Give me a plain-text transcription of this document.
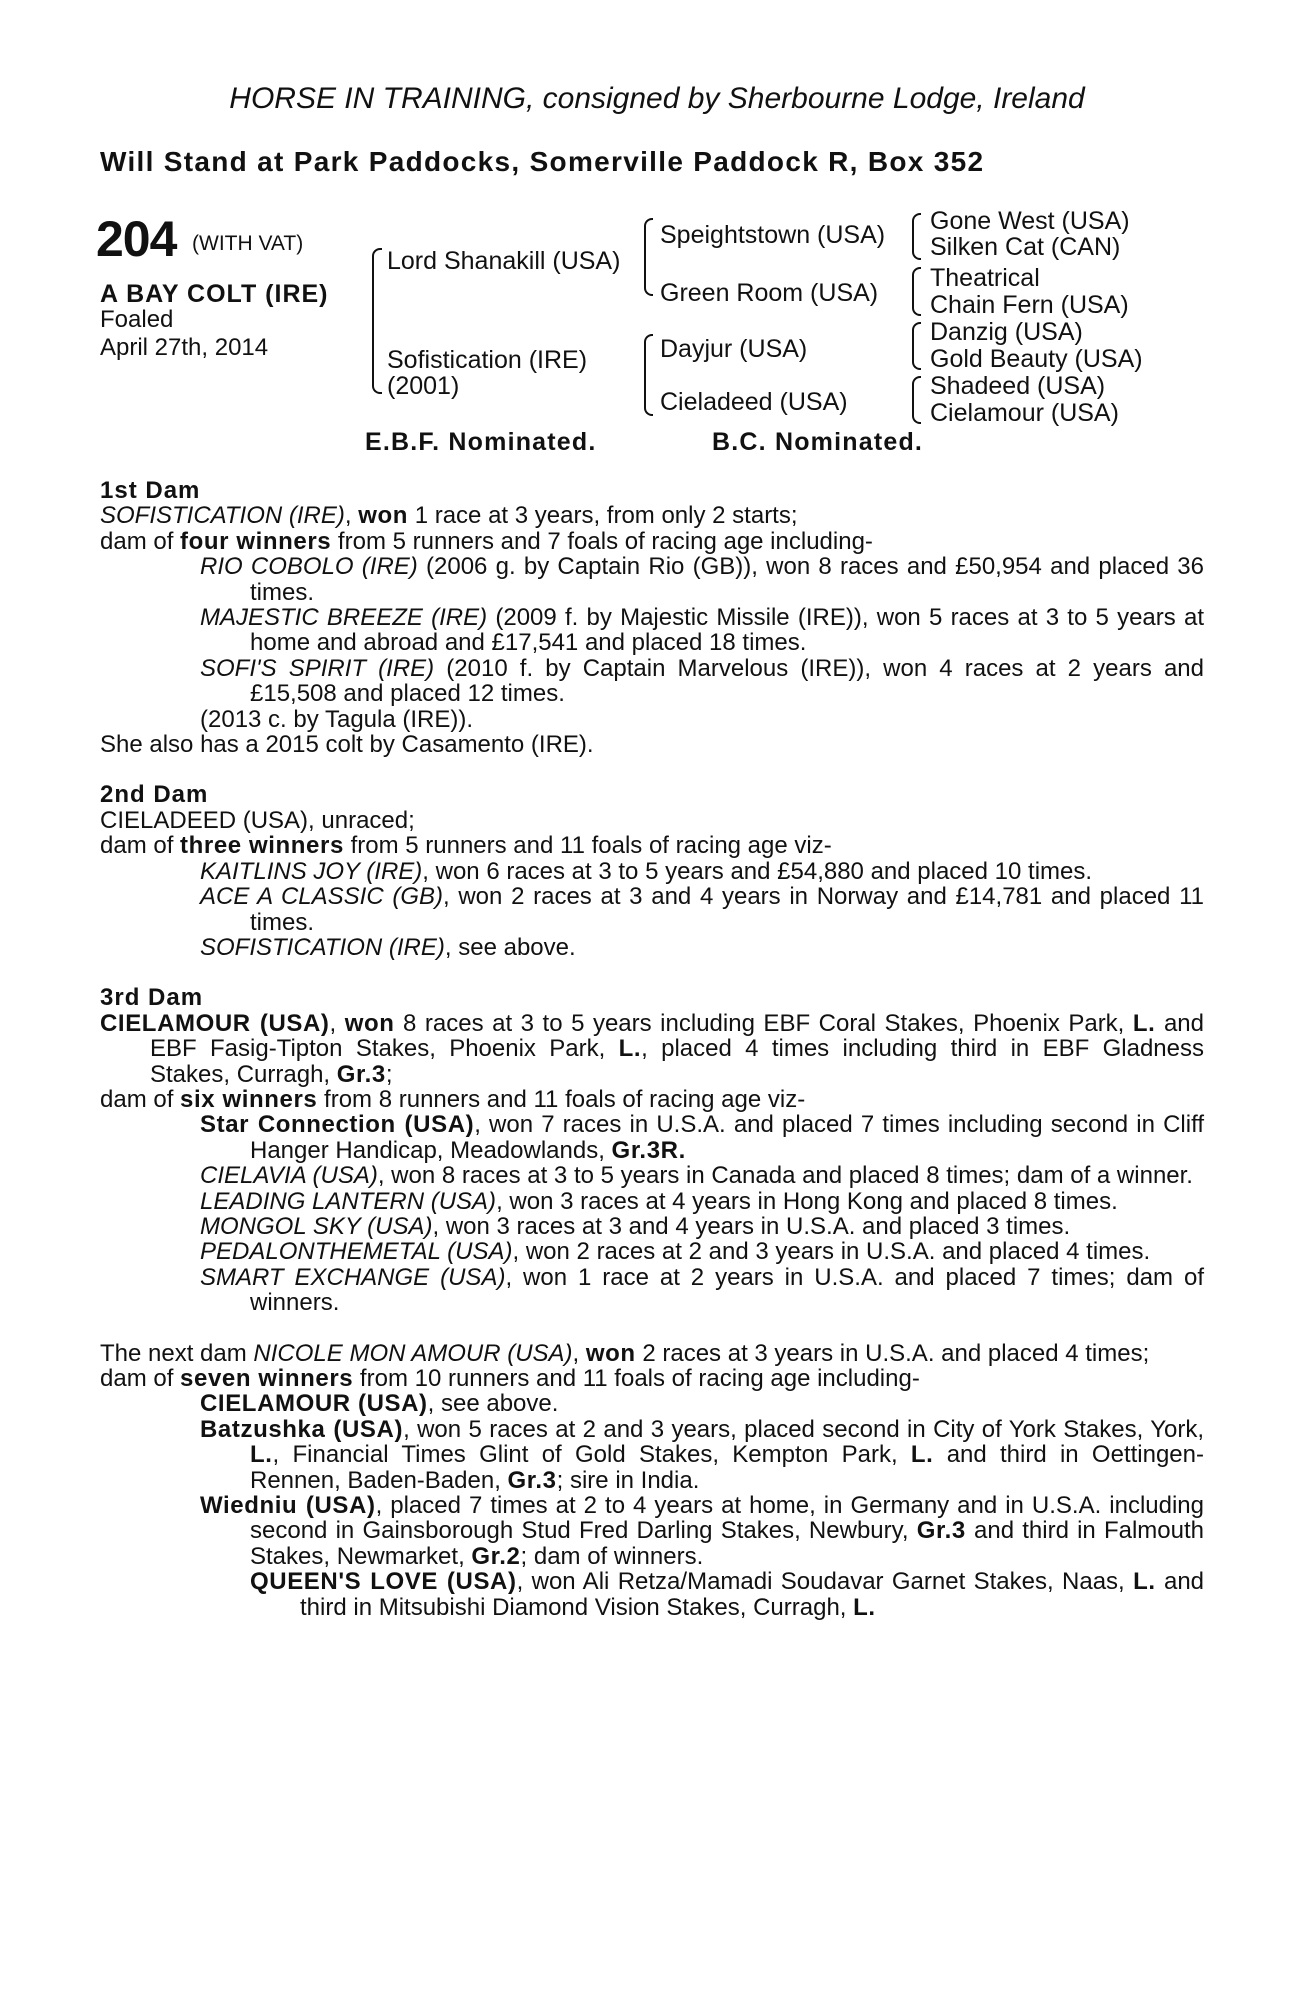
HORSE IN TRAINING, consigned by Sherbourne Lodge, Ireland
Will Stand at Park Paddocks, Somerville Paddock R, Box 352
204 (WITH VAT)
A BAY COLT (IRE)
Foaled
April 27th, 2014
Lord Shanakill (USA)
Sofistication (IRE)
(2001)
Speightstown (USA)
Green Room (USA)
Dayjur (USA)
Cieladeed (USA)
Gone West (USA)
Silken Cat (CAN)
Theatrical
Chain Fern (USA)
Danzig (USA)
Gold Beauty (USA)
Shadeed (USA)
Cielamour (USA)
E.B.F. Nominated.	B.C. Nominated.

1st Dam

SOFISTICATION (IRE), won 1 race at 3 years, from only 2 starts;

dam of four winners from 5 runners and 7 foals of racing age including-

RIO COBOLO (IRE) (2006 g. by Captain Rio (GB)), won 8 races and £50,954 and placed 36 times.

MAJESTIC BREEZE (IRE) (2009 f. by Majestic Missile (IRE)), won 5 races at 3 to 5 years at home and abroad and £17,541 and placed 18 times.

SOFI'S SPIRIT (IRE) (2010 f. by Captain Marvelous (IRE)), won 4 races at 2 years and £15,508 and placed 12 times.

(2013 c. by Tagula (IRE)).

She also has a 2015 colt by Casamento (IRE).

2nd Dam

CIELADEED (USA), unraced;

dam of three winners from 5 runners and 11 foals of racing age viz-

KAITLINS JOY (IRE), won 6 races at 3 to 5 years and £54,880 and placed 10 times.

ACE A CLASSIC (GB), won 2 races at 3 and 4 years in Norway and £14,781 and placed 11 times.

SOFISTICATION (IRE), see above.

3rd Dam

CIELAMOUR (USA), won 8 races at 3 to 5 years including EBF Coral Stakes, Phoenix Park, L. and EBF Fasig-Tipton Stakes, Phoenix Park, L., placed 4 times including third in EBF Gladness Stakes, Curragh, Gr.3;

dam of six winners from 8 runners and 11 foals of racing age viz-

Star Connection (USA), won 7 races in U.S.A. and placed 7 times including second in Cliff Hanger Handicap, Meadowlands, Gr.3R.

CIELAVIA (USA), won 8 races at 3 to 5 years in Canada and placed 8 times; dam of a winner.

LEADING LANTERN (USA), won 3 races at 4 years in Hong Kong and placed 8 times.

MONGOL SKY (USA), won 3 races at 3 and 4 years in U.S.A. and placed 3 times.

PEDALONTHEMETAL (USA), won 2 races at 2 and 3 years in U.S.A. and placed 4 times.

SMART EXCHANGE (USA), won 1 race at 2 years in U.S.A. and placed 7 times; dam of winners.

The next dam NICOLE MON AMOUR (USA), won 2 races at 3 years in U.S.A. and placed 4 times;

dam of seven winners from 10 runners and 11 foals of racing age including-

CIELAMOUR (USA), see above.

Batzushka (USA), won 5 races at 2 and 3 years, placed second in City of York Stakes, York, L., Financial Times Glint of Gold Stakes, Kempton Park, L. and third in Oettingen-Rennen, Baden-Baden, Gr.3; sire in India.

Wiedniu (USA), placed 7 times at 2 to 4 years at home, in Germany and in U.S.A. including second in Gainsborough Stud Fred Darling Stakes, Newbury, Gr.3 and third in Falmouth Stakes, Newmarket, Gr.2; dam of winners.

QUEEN'S LOVE (USA), won Ali Retza/Mamadi Soudavar Garnet Stakes, Naas, L. and third in Mitsubishi Diamond Vision Stakes, Curragh, L.
